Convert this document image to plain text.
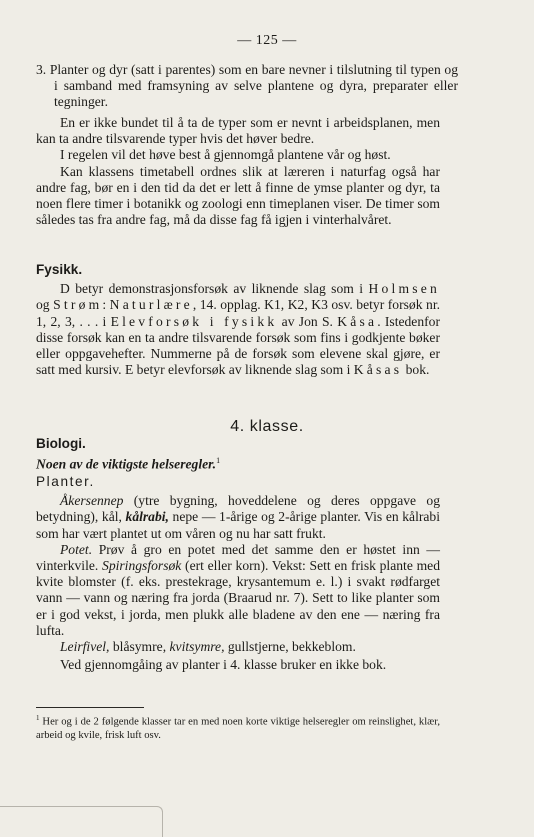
— 125 —
3. Planter og dyr (satt i parentes) som en bare nevner i tilslutning til typen og i samband med framsyning av selve plantene og dyra, preparater eller tegninger.

En er ikke bundet til å ta de typer som er nevnt i arbeidsplanen, men kan ta andre tilsvarende typer hvis det høver bedre.

I regelen vil det høve best å gjennomgå plantene vår og høst.

Kan klassens timetabell ordnes slik at læreren i naturfag også har andre fag, bør en i den tid da det er lett å finne de ymse planter og dyr, ta noen flere timer i botanikk og zoologi enn timeplanen viser. De timer som således tas fra andre fag, må da disse fag få igjen i vinterhalvåret.

Fysikk.

D betyr demonstrasjonsforsøk av liknende slag som i Holmsen og Strøm: Naturlære, 14. opplag. K1, K2, K3 osv. betyr forsøk nr. 1, 2, 3, . . . i Elevforsøk i fysikk av Jon S. Kåsa. Istedenfor disse forsøk kan en ta andre tilsvarende forsøk som fins i godkjente bøker eller oppgavehefter. Nummerne på de forsøk som elevene skal gjøre, er satt med kursiv. E betyr elevforsøk av liknende slag som i Kåsas bok.

4. klasse.
Biologi.
Noen av de viktigste helseregler.$^1$
Planter.

Åkersennep (ytre bygning, hoveddelene og deres oppgave og betydning), kål, kålrabi, nepe — 1-årige og 2-årige planter. Vis en kålrabi som har vært plantet ut om våren og nu har satt frukt.

Potet. Prøv å gro en potet med det samme den er høstet inn — vinterkvile. Spiringsforsøk (ert eller korn). Vekst: Sett en frisk plante med kvite blomster (f. eks. prestekrage, krysantemum e. l.) i svakt rødfarget vann — vann og næring fra jorda (Braarud nr. 7). Sett to like planter som er i god vekst, i jorda, men plukk alle bladene av den ene — næring fra lufta.

Leirfivel, blåsymre, kvitsymre, gullstjerne, bekkeblom.

Ved gjennomgåing av planter i 4. klasse bruker en ikke bok.

$^1$ Her og i de 2 følgende klasser tar en med noen korte viktige helseregler om reinslighet, klær, arbeid og kvile, frisk luft osv.
